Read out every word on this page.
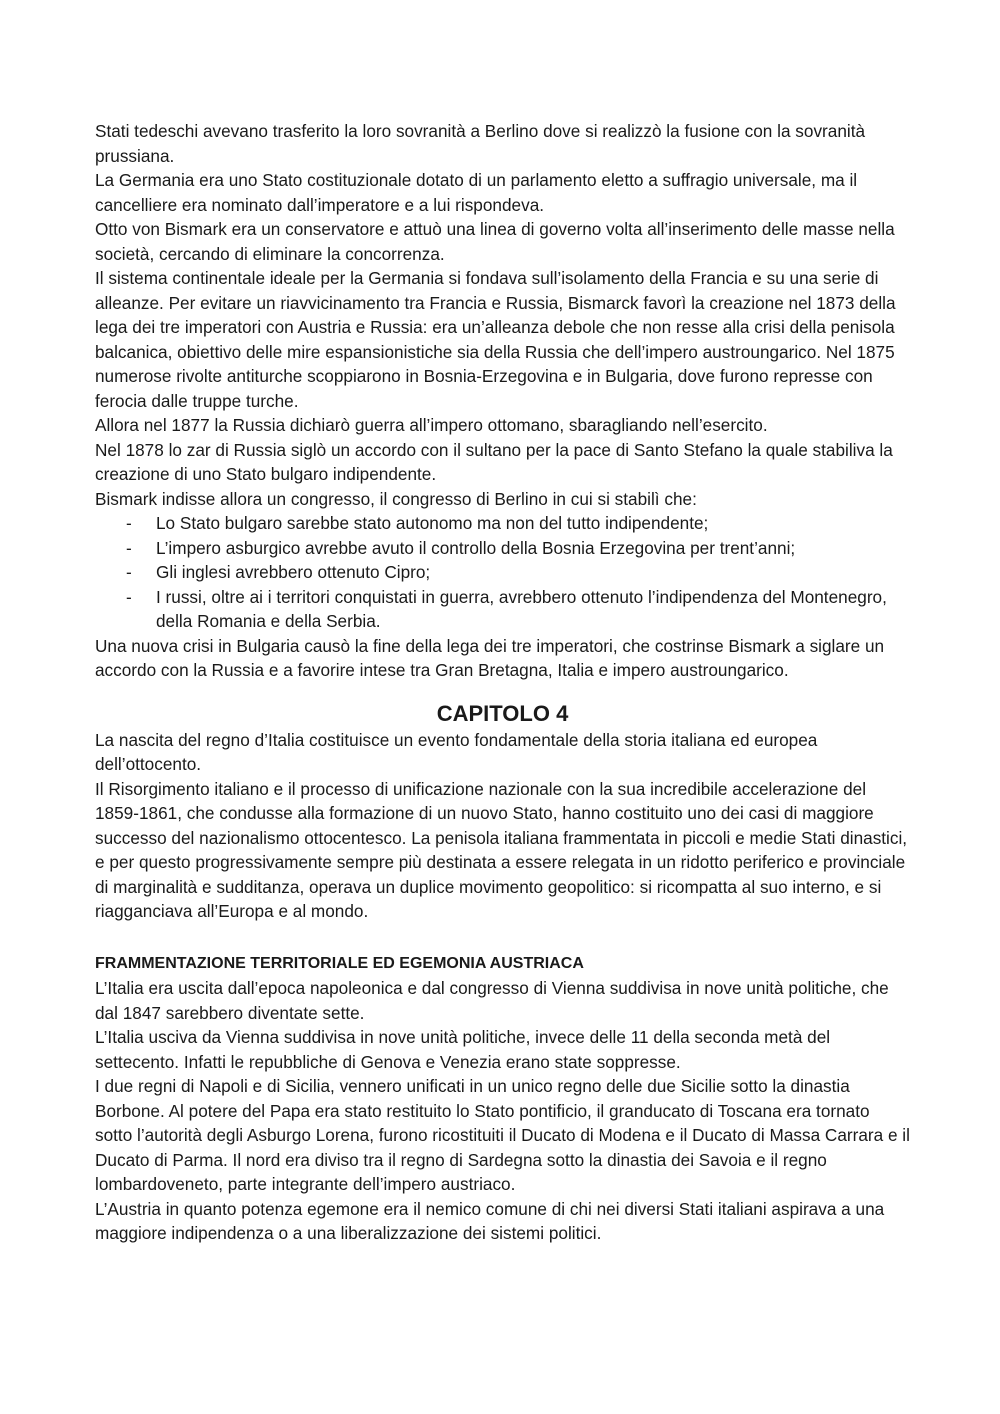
Stati tedeschi avevano trasferito la loro sovranità a Berlino dove si realizzò la fusione con la sovranità prussiana.

La Germania era uno Stato costituzionale dotato di un parlamento eletto a suffragio universale, ma il cancelliere era nominato dall’imperatore e a lui rispondeva.

Otto von Bismark era un conservatore e attuò una linea di governo volta all’inserimento delle masse nella società, cercando di eliminare la concorrenza.

Il sistema continentale ideale per la Germania si fondava sull’isolamento della Francia e su una serie di alleanze. Per evitare un riavvicinamento tra Francia e Russia, Bismarck favorì la creazione nel 1873 della lega dei tre imperatori con Austria e Russia: era un’alleanza debole che non resse alla crisi della penisola balcanica, obiettivo delle mire espansionistiche sia della Russia che dell’impero austroungarico. Nel 1875 numerose rivolte antiturche scoppiarono in Bosnia-Erzegovina e in Bulgaria, dove furono represse con ferocia dalle truppe turche.

Allora nel 1877 la Russia dichiarò guerra all’impero ottomano, sbaragliando nell’esercito.

Nel 1878 lo zar di Russia siglò un accordo con il sultano per la pace di Santo Stefano la quale stabiliva la creazione di uno Stato bulgaro indipendente.

Bismark indisse allora un congresso, il congresso di Berlino in cui si stabilì che:

- Lo Stato bulgaro sarebbe stato autonomo ma non del tutto indipendente;
- L’impero asburgico avrebbe avuto il controllo della Bosnia Erzegovina per trent’anni;
- Gli inglesi avrebbero ottenuto Cipro;
- I russi, oltre ai i territori conquistati in guerra, avrebbero ottenuto l’indipendenza del Montenegro, della Romania e della Serbia.

Una nuova crisi in Bulgaria causò la fine della lega dei tre imperatori, che costrinse Bismark a siglare un accordo con la Russia e a favorire intese tra Gran Bretagna, Italia e impero austroungarico.

CAPITOLO 4

La nascita del regno d’Italia costituisce un evento fondamentale della storia italiana ed europea dell’ottocento.

Il Risorgimento italiano e il processo di unificazione nazionale con la sua incredibile accelerazione del 1859-1861, che condusse alla formazione di un nuovo Stato, hanno costituito uno dei casi di maggiore successo del nazionalismo ottocentesco. La penisola italiana frammentata in piccoli e medie Stati dinastici, e per questo progressivamente sempre più destinata a essere relegata in un ridotto periferico e provinciale di marginalità e sudditanza, operava un duplice movimento geopolitico: si ricompatta al suo interno, e si riagganciava all’Europa e al mondo.

FRAMMENTAZIONE TERRITORIALE ED EGEMONIA AUSTRIACA

L’Italia era uscita dall’epoca napoleonica e dal congresso di Vienna suddivisa in nove unità politiche, che dal 1847 sarebbero diventate sette.

L’Italia usciva da Vienna suddivisa in nove unità politiche, invece delle 11 della seconda metà del settecento. Infatti le repubbliche di Genova e Venezia erano state soppresse.

I due regni di Napoli e di Sicilia, vennero unificati in un unico regno delle due Sicilie sotto la dinastia Borbone. Al potere del Papa era stato restituito lo Stato pontificio, il granducato di Toscana era tornato sotto l’autorità degli Asburgo Lorena, furono ricostituiti il Ducato di Modena e il Ducato di Massa Carrara e il Ducato di Parma. Il nord era diviso tra il regno di Sardegna sotto la dinastia dei Savoia e il regno lombardoveneto, parte integrante dell’impero austriaco.

L’Austria in quanto potenza egemone era il nemico comune di chi nei diversi Stati italiani aspirava a una maggiore indipendenza o a una liberalizzazione dei sistemi politici.
